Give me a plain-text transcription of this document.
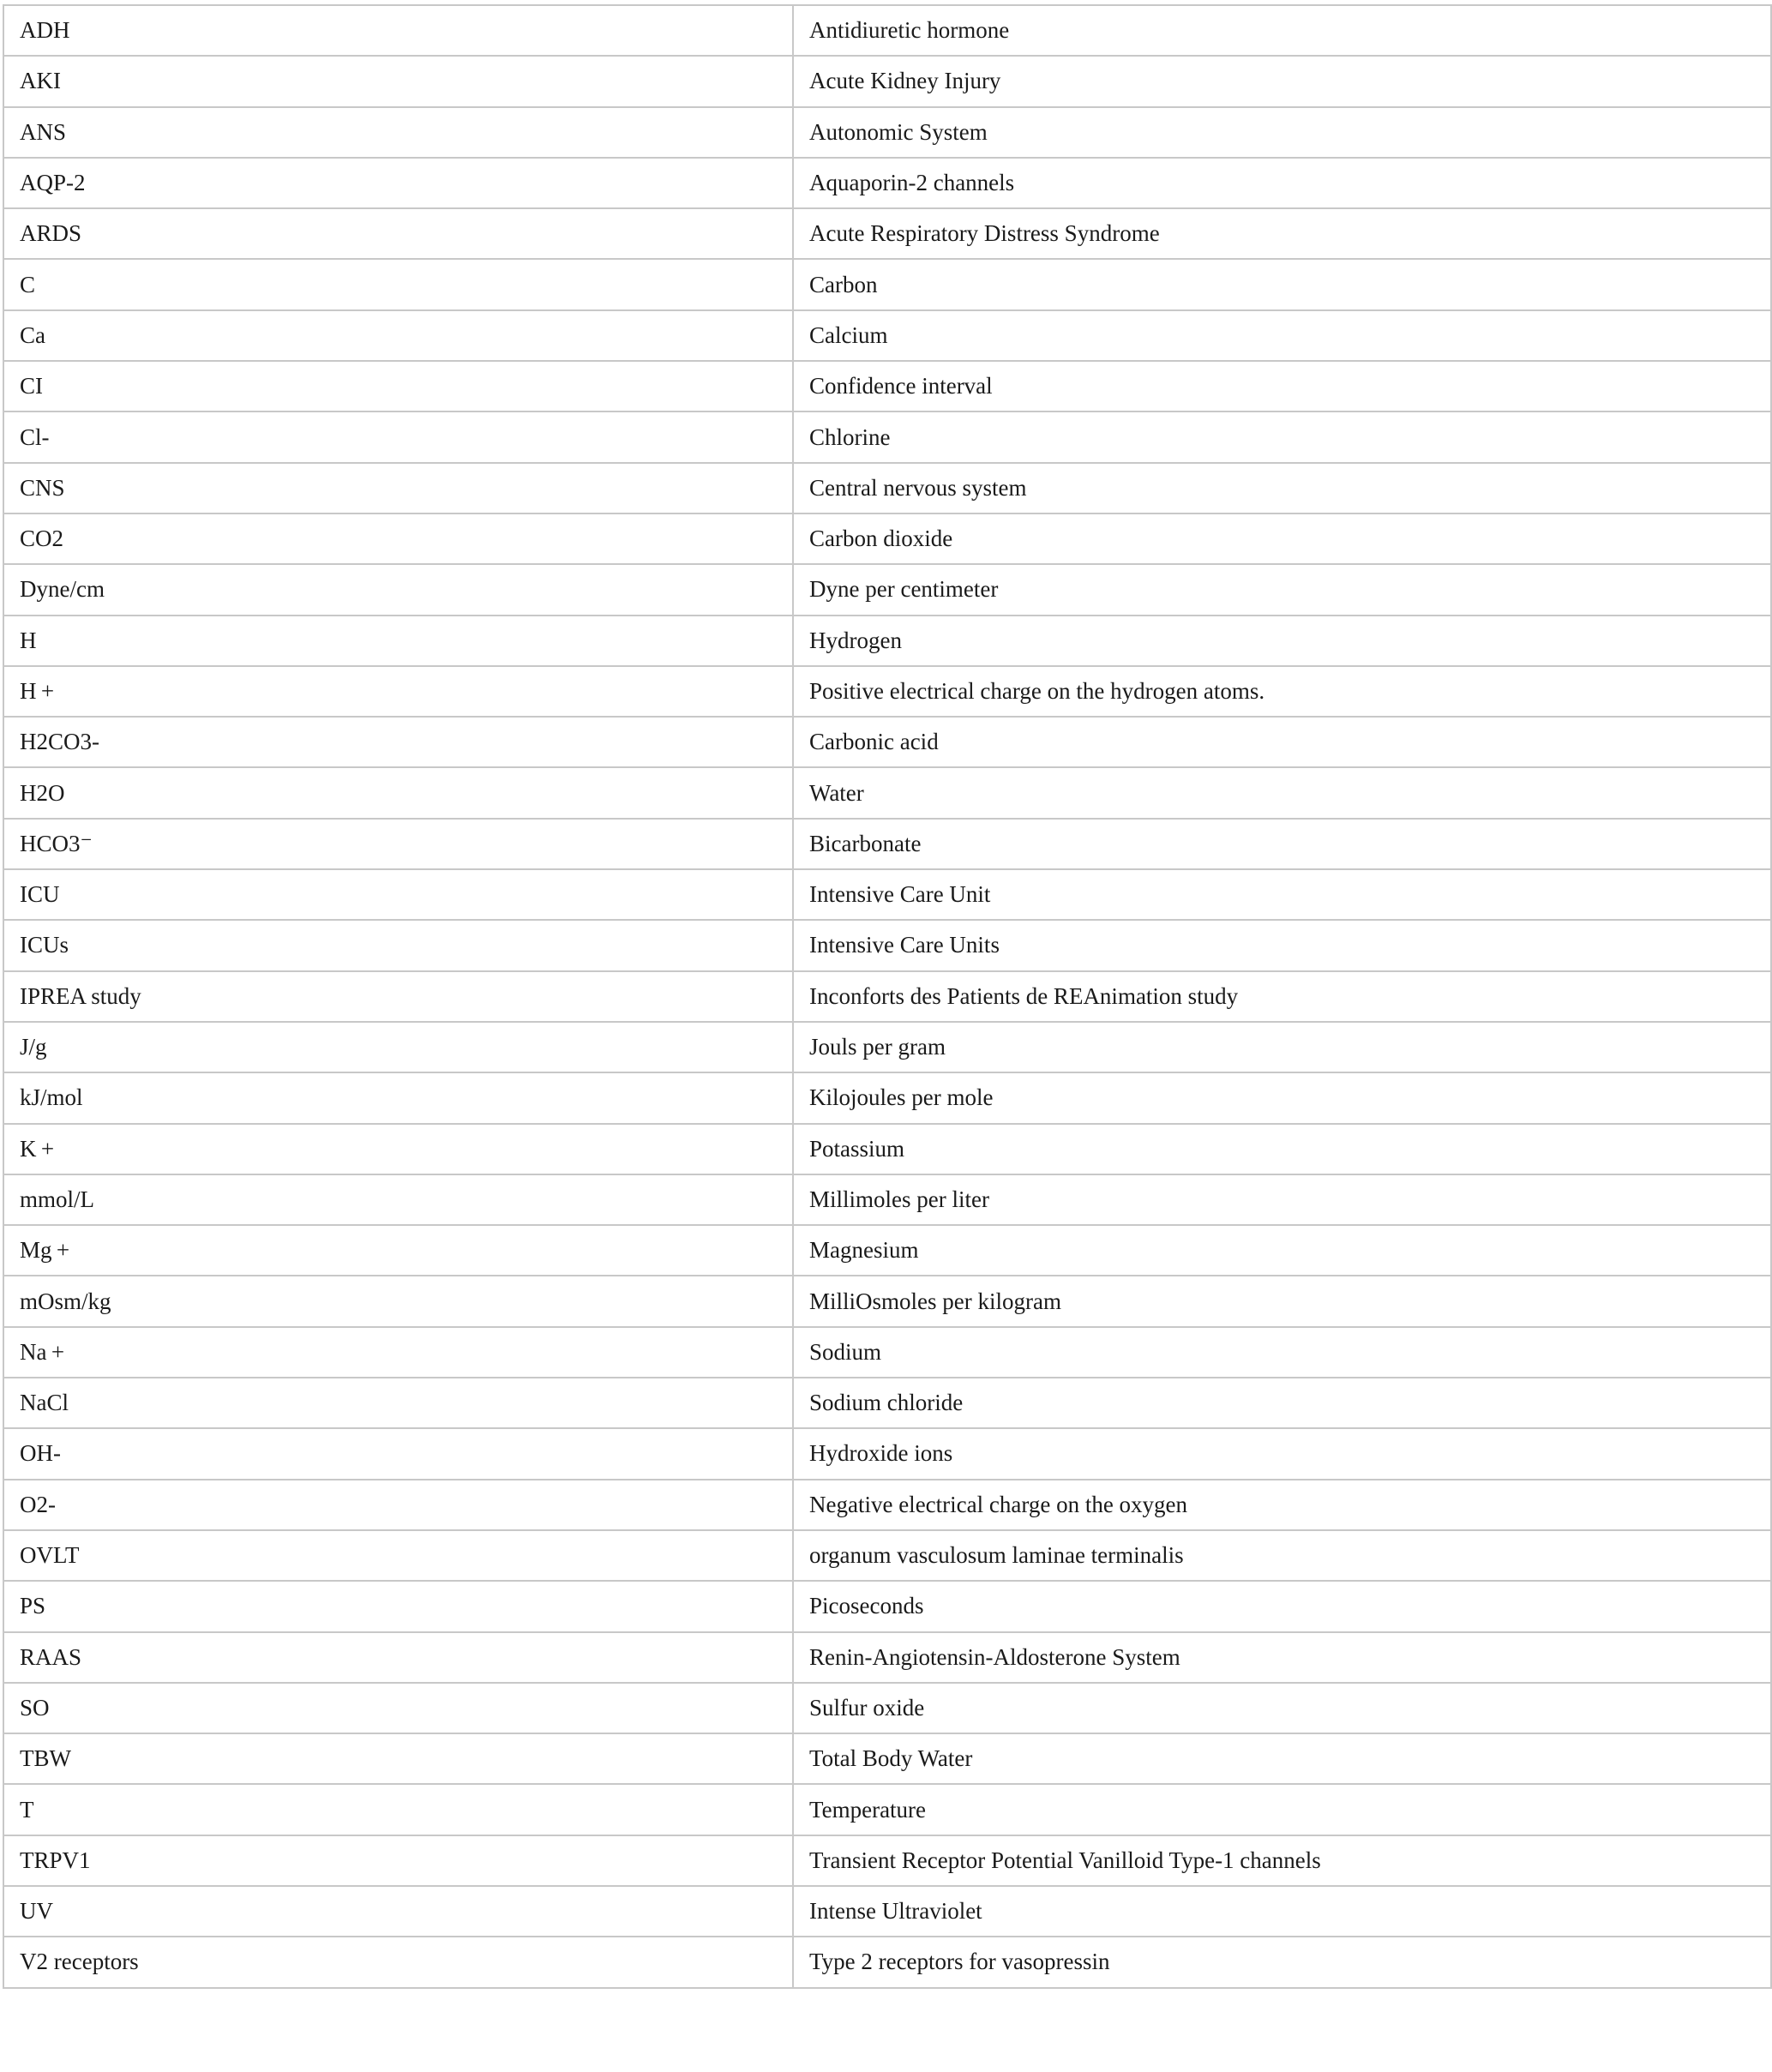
ADH	Antidiuretic hormone
AKI	Acute Kidney Injury
ANS	Autonomic System
AQP-2	Aquaporin-2 channels
ARDS	Acute Respiratory Distress Syndrome
C	Carbon
Ca	Calcium
CI	Confidence interval
Cl-	Chlorine
CNS	Central nervous system
CO2	Carbon dioxide
Dyne/cm	Dyne per centimeter
H	Hydrogen
H +	Positive electrical charge on the hydrogen atoms.
H2CO3-	Carbonic acid
H2O	Water
HCO3⁻	Bicarbonate
ICU	Intensive Care Unit
ICUs	Intensive Care Units
IPREA study	Inconforts des Patients de REAnimation study
J/g	Jouls per gram
kJ/mol	Kilojoules per mole
K +	Potassium
mmol/L	Millimoles per liter
Mg +	Magnesium
mOsm/kg	MilliOsmoles per kilogram
Na +	Sodium
NaCl	Sodium chloride
OH-	Hydroxide ions
O2-	Negative electrical charge on the oxygen
OVLT	organum vasculosum laminae terminalis
PS	Picoseconds
RAAS	Renin-Angiotensin-Aldosterone System
SO	Sulfur oxide
TBW	Total Body Water
T	Temperature
TRPV1	Transient Receptor Potential Vanilloid Type-1 channels
UV	Intense Ultraviolet
V2 receptors	Type 2 receptors for vasopressin
